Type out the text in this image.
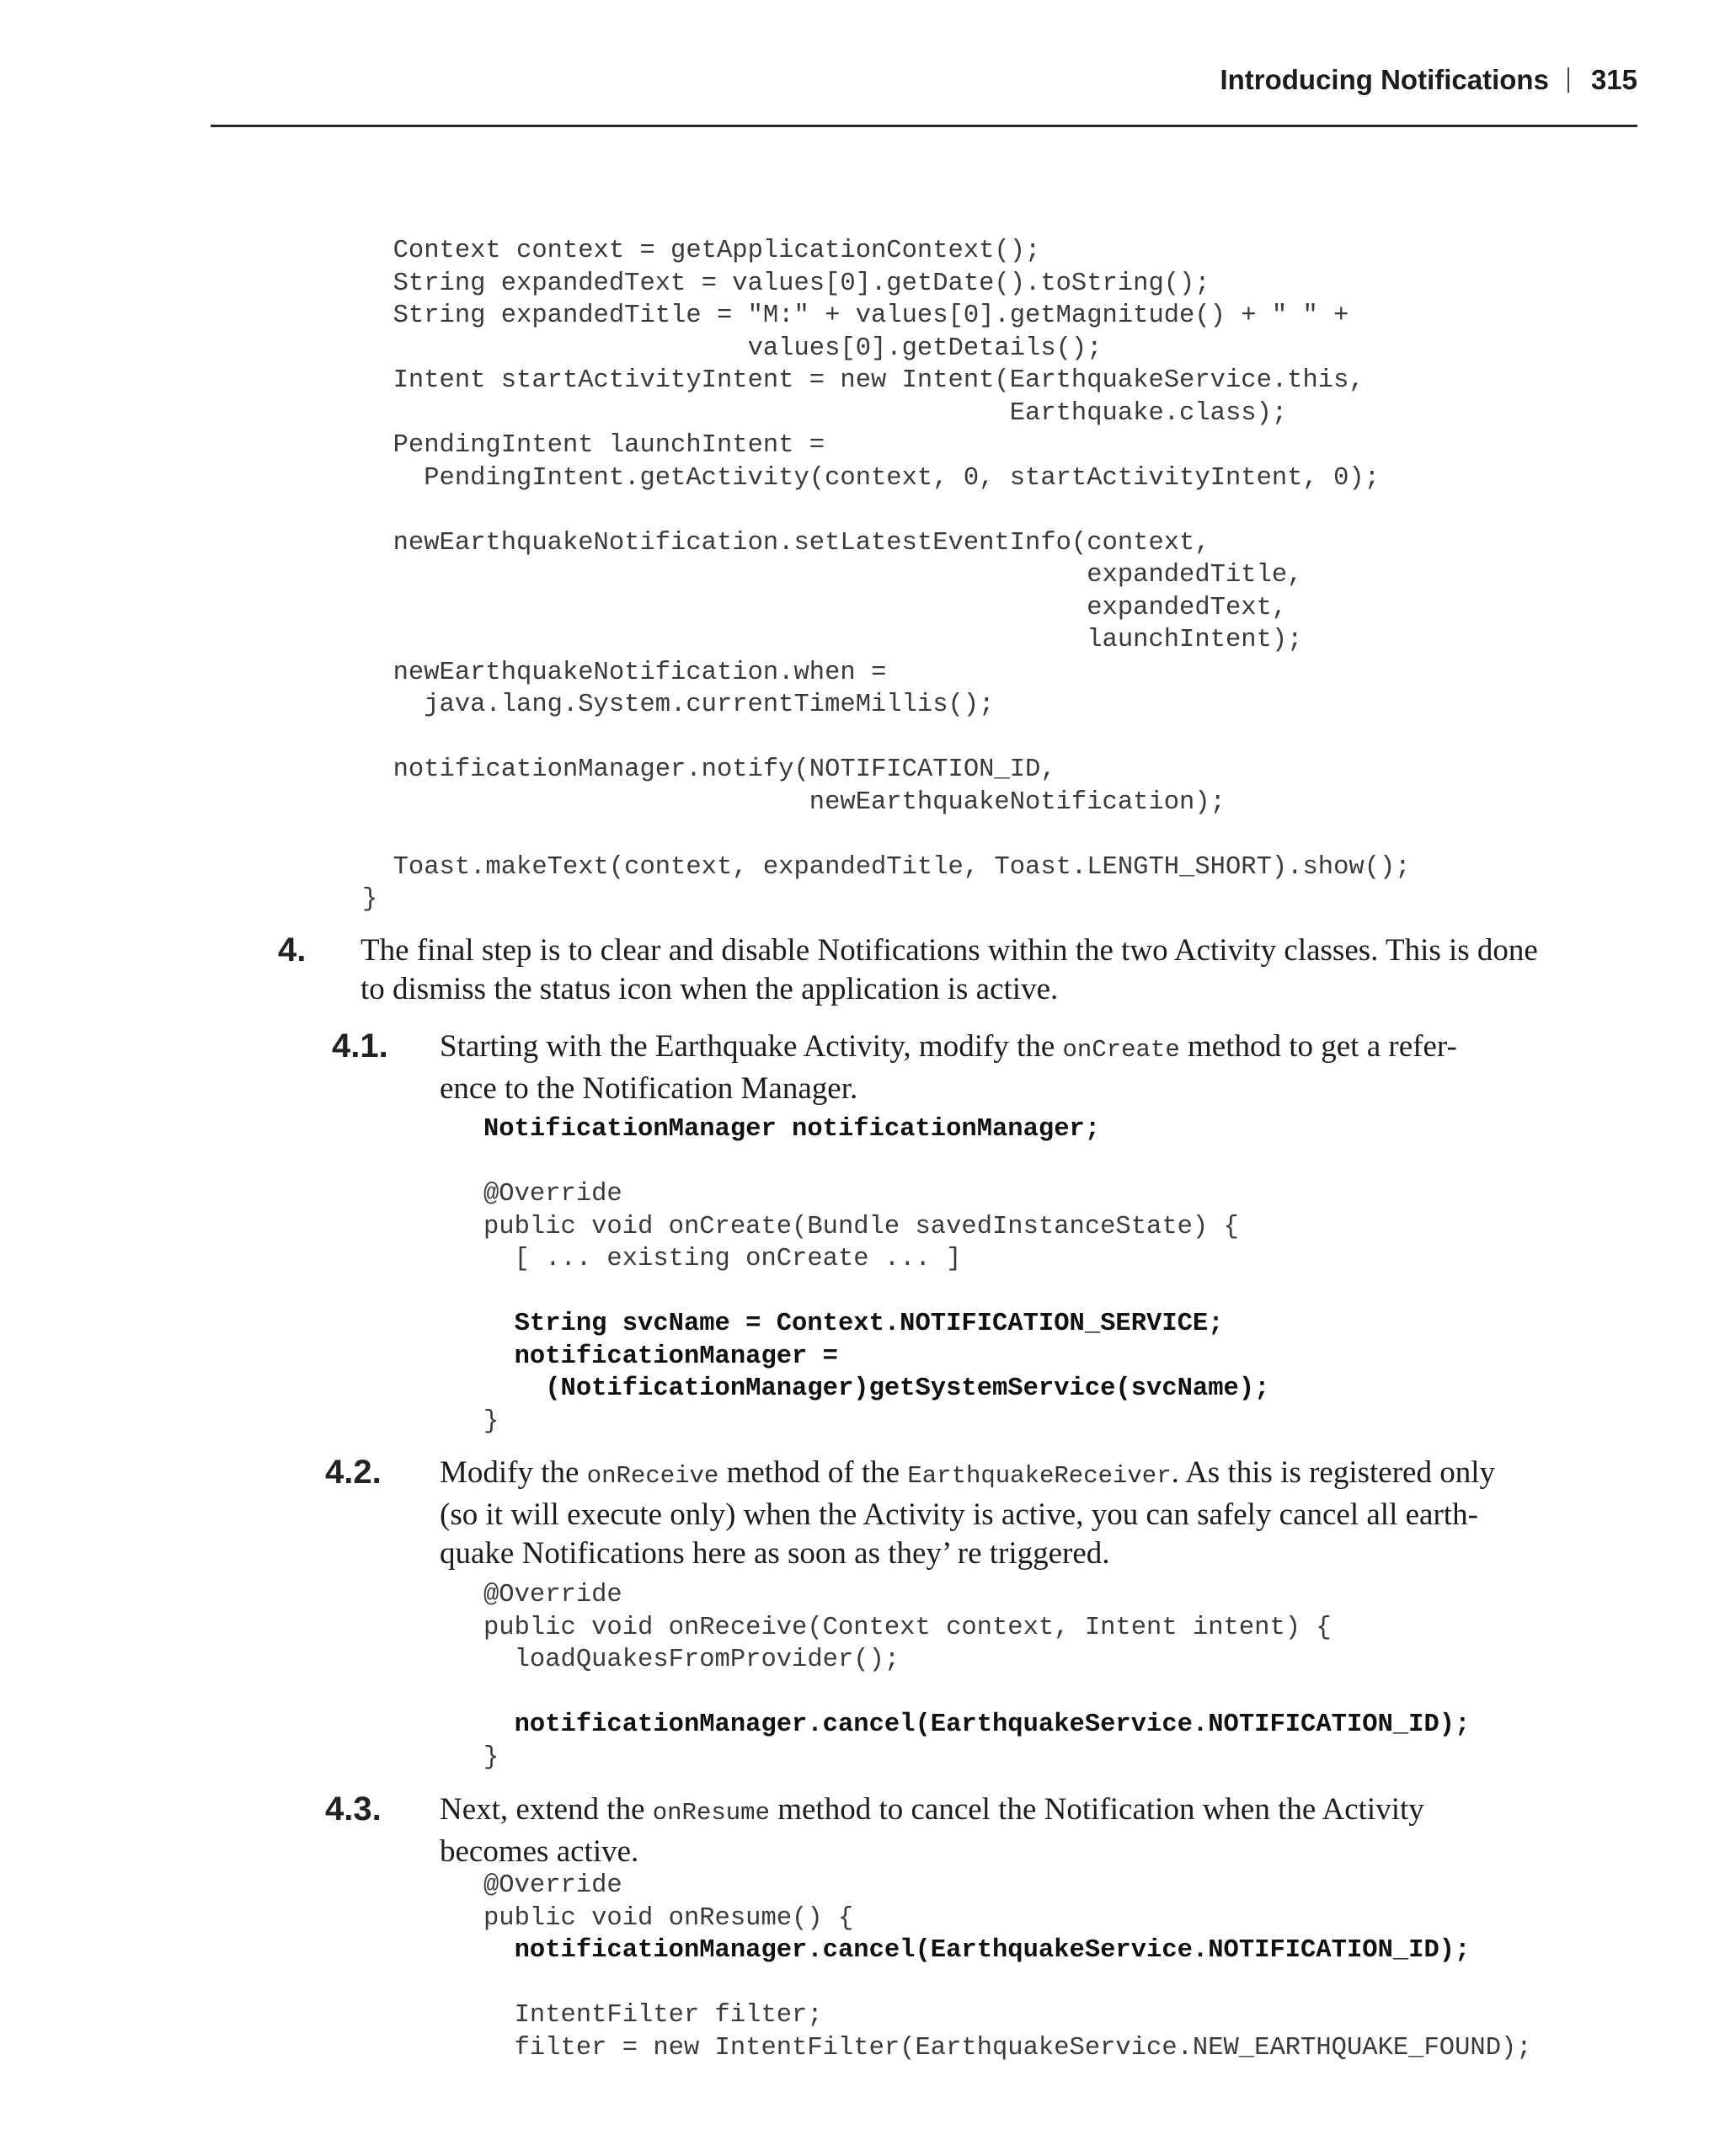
Introducing Notifications 315
Context context = getApplicationContext();
String expandedText = values[0].getDate().toString();
String expandedTitle = "M:" + values[0].getMagnitude() + " " +
values[0].getDetails();
Intent startActivityIntent = new Intent(EarthquakeService.this,
Earthquake.class);
PendingIntent launchIntent =
PendingIntent.getActivity(context, 0, startActivityIntent, 0);

newEarthquakeNotification.setLatestEventInfo(context,
expandedTitle,
expandedText,
launchIntent);
newEarthquakeNotification.when =
java.lang.System.currentTimeMillis();

notificationManager.notify(NOTIFICATION_ID,
newEarthquakeNotification);

Toast.makeText(context, expandedTitle, Toast.LENGTH_SHORT).show();
}
4. The final step is to clear and disable Notifications within the two Activity classes. This is done
to dismiss the status icon when the application is active.
4.1. Starting with the Earthquake Activity, modify the onCreate method to get a refer-
ence to the Notification Manager.
NotificationManager notificationManager;

@Override
public void onCreate(Bundle savedInstanceState) {
[ ... existing onCreate ... ]

String svcName = Context.NOTIFICATION_SERVICE;
notificationManager =
(NotificationManager)getSystemService(svcName);
}
4.2. Modify the onReceive method of the EarthquakeReceiver. As this is registered only
(so it will execute only) when the Activity is active, you can safely cancel all earth-
quake Notifications here as soon as they’ re triggered.
@Override
public void onReceive(Context context, Intent intent) {
loadQuakesFromProvider();

notificationManager.cancel(EarthquakeService.NOTIFICATION_ID);
}
4.3. Next, extend the onResume method to cancel the Notification when the Activity
becomes active.
@Override
public void onResume() {
notificationManager.cancel(EarthquakeService.NOTIFICATION_ID);

IntentFilter filter;
filter = new IntentFilter(EarthquakeService.NEW_EARTHQUAKE_FOUND);
